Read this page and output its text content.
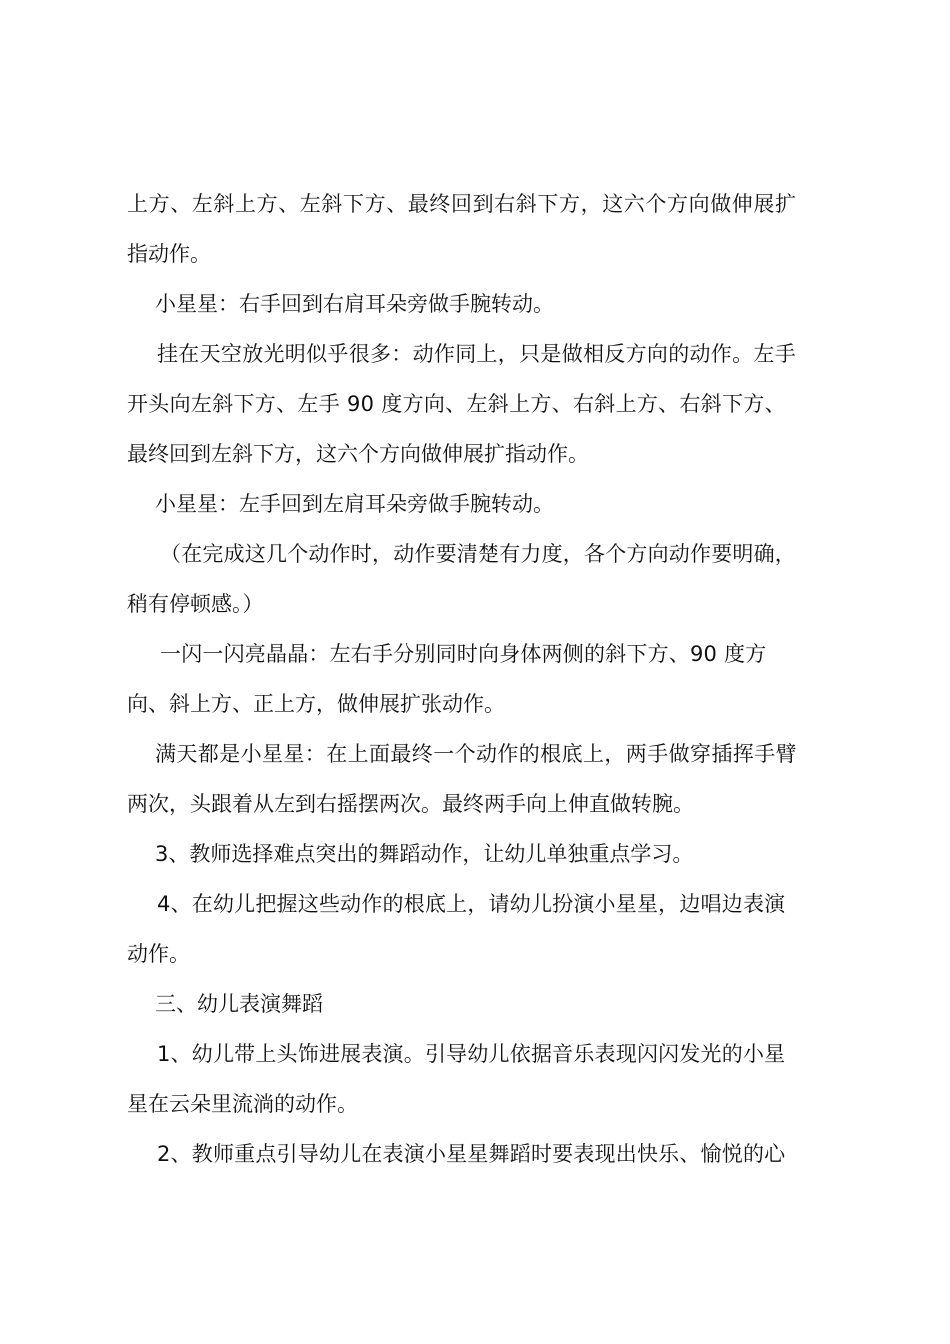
上方、左斜上方、左斜下方、最终回到右斜下方，这六个方向做伸展扩
指动作。
小星星：右手回到右肩耳朵旁做手腕转动。
挂在天空放光明似乎很多：动作同上，只是做相反方向的动作。左手
开头向左斜下方、左手 90 度方向、左斜上方、右斜上方、右斜下方、
最终回到左斜下方，这六个方向做伸展扩指动作。
小星星：左手回到左肩耳朵旁做手腕转动。
（在完成这几个动作时，动作要清楚有力度，各个方向动作要明确，
稍有停顿感。）
一闪一闪亮晶晶：左右手分别同时向身体两侧的斜下方、90 度方
向、斜上方、正上方，做伸展扩张动作。
满天都是小星星：在上面最终一个动作的根底上，两手做穿插挥手臂
两次，头跟着从左到右摇摆两次。最终两手向上伸直做转腕。
3、教师选择难点突出的舞蹈动作，让幼儿单独重点学习。
4、在幼儿把握这些动作的根底上，请幼儿扮演小星星，边唱边表演
动作。
三、幼儿表演舞蹈
1、幼儿带上头饰进展表演。引导幼儿依据音乐表现闪闪发光的小星
星在云朵里流淌的动作。
2、教师重点引导幼儿在表演小星星舞蹈时要表现出快乐、愉悦的心
